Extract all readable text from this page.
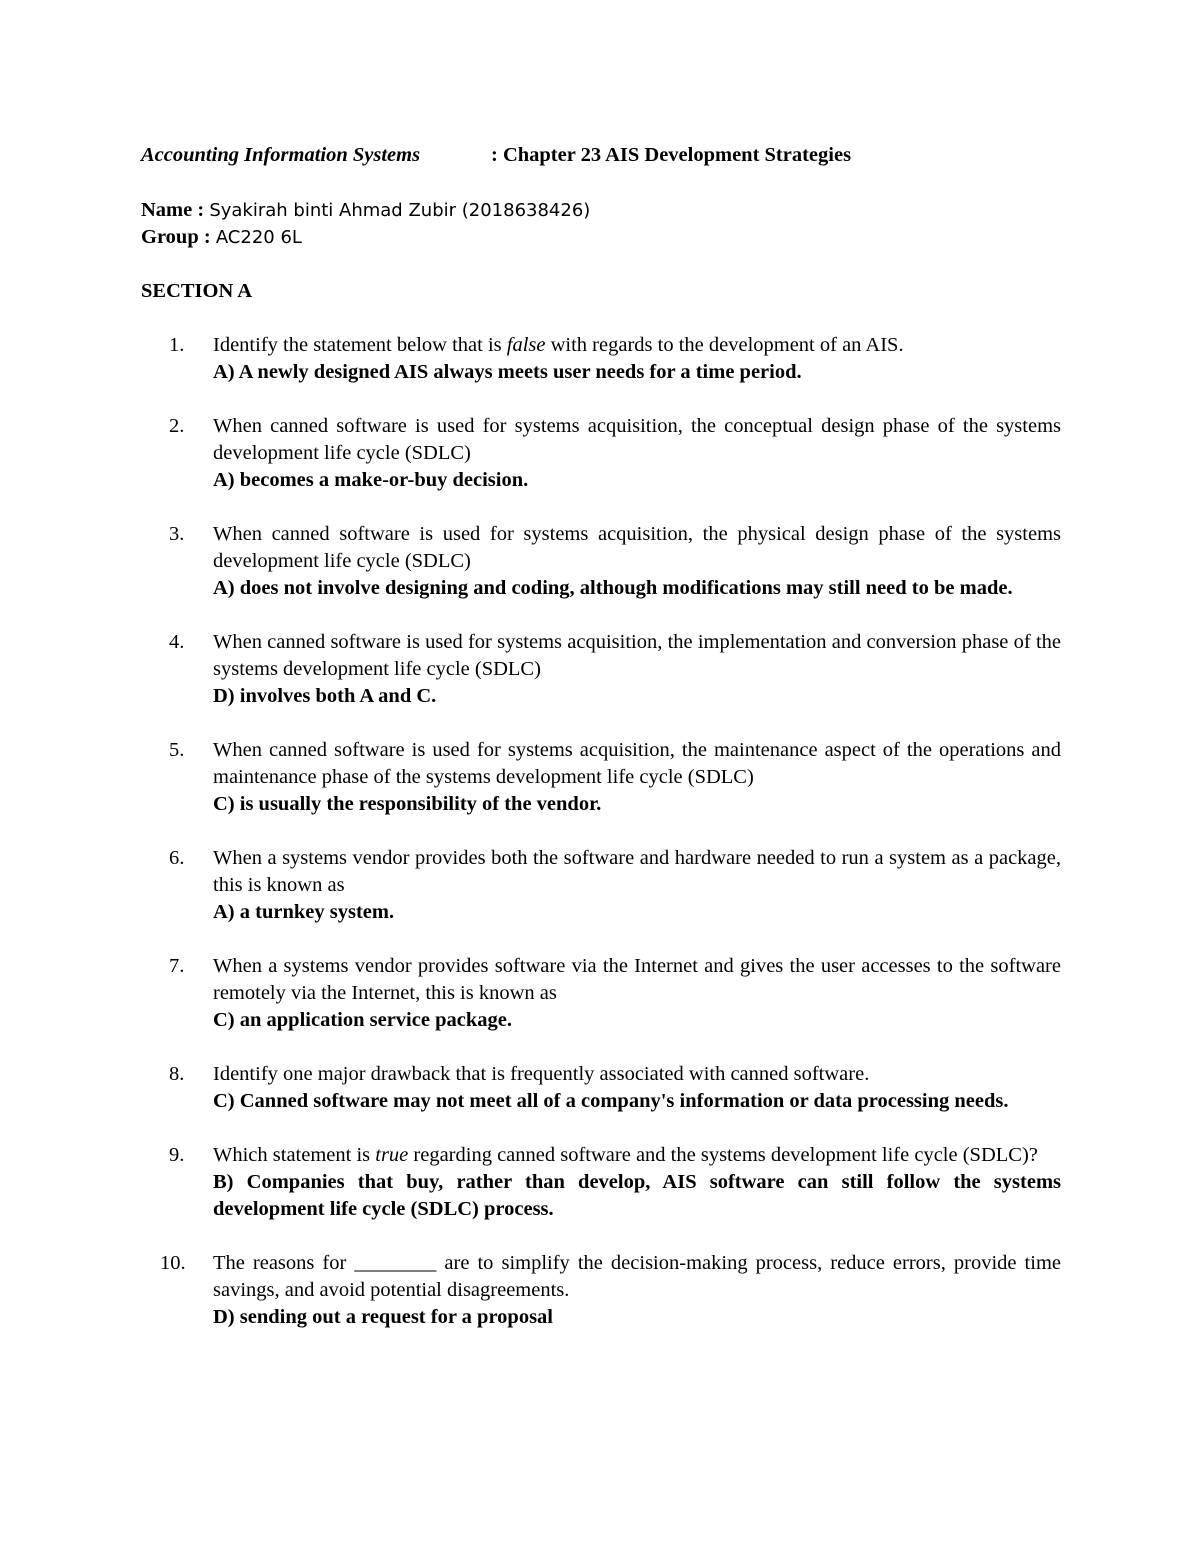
Accounting Information Systems	: Chapter 23 AIS Development Strategies
Name : Syakirah binti Ahmad Zubir (2018638426)
Group : AC220 6L
SECTION A
1.	Identify the statement below that is false with regards to the development of an AIS.
A) A newly designed AIS always meets user needs for a time period.
2.	When canned software is used for systems acquisition, the conceptual design phase of the systems development life cycle (SDLC)
A) becomes a make-or-buy decision.
3.	When canned software is used for systems acquisition, the physical design phase of the systems development life cycle (SDLC)
A) does not involve designing and coding, although modifications may still need to be made.
4.	When canned software is used for systems acquisition, the implementation and conversion phase of the systems development life cycle (SDLC)
D) involves both A and C.
5.	When canned software is used for systems acquisition, the maintenance aspect of the operations and maintenance phase of the systems development life cycle (SDLC)
C) is usually the responsibility of the vendor.
6.	When a systems vendor provides both the software and hardware needed to run a system as a package, this is known as
A) a turnkey system.
7.	When a systems vendor provides software via the Internet and gives the user accesses to the software remotely via the Internet, this is known as
C) an application service package.
8.	Identify one major drawback that is frequently associated with canned software.
C) Canned software may not meet all of a company's information or data processing needs.
9.	Which statement is true regarding canned software and the systems development life cycle (SDLC)?
B) Companies that buy, rather than develop, AIS software can still follow the systems development life cycle (SDLC) process.
10.	The reasons for ________ are to simplify the decision-making process, reduce errors, provide time savings, and avoid potential disagreements.
D) sending out a request for a proposal
